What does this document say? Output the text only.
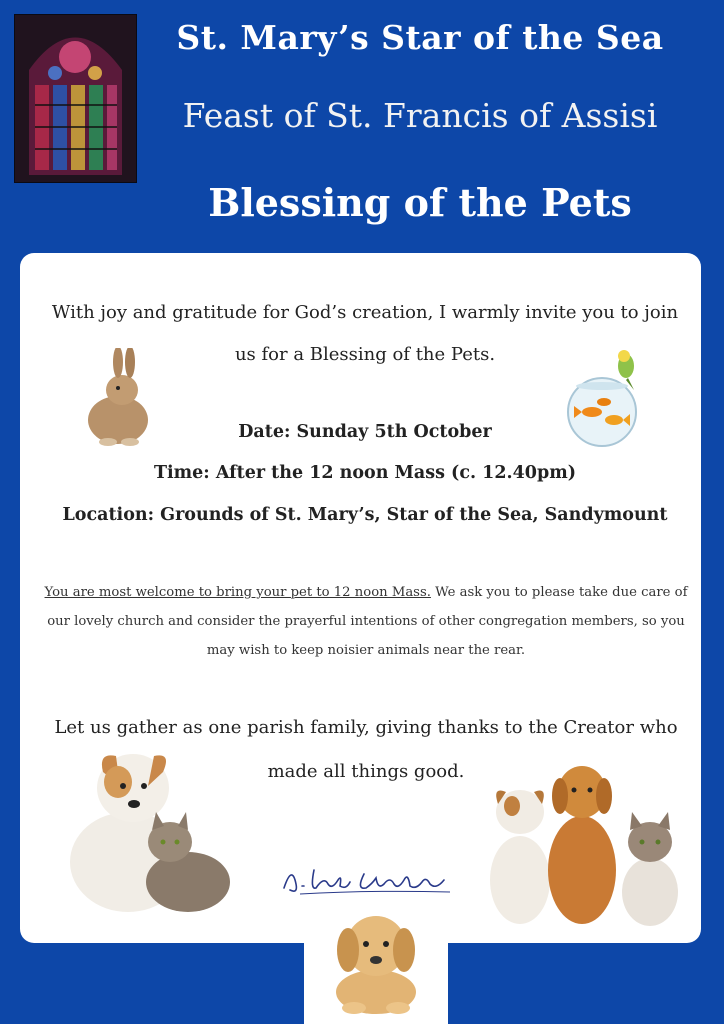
St. Mary’s Star of the Sea
Feast of St. Francis of Assisi
Blessing of the Pets
With joy and gratitude for God’s creation, I warmly invite you to join us for a Blessing of the Pets.
Date: Sunday 5th October
Time: After the 12 noon Mass (c. 12.40pm)
Location: Grounds of St. Mary’s, Star of the Sea, Sandymount
You are most welcome to bring your pet to 12 noon Mass. We ask you to please take due care of our lovely church and consider the prayerful intentions of other congregation members, so you may wish to keep noisier animals near the rear.
Let us gather as one parish family, giving thanks to the Creator who made all things good.
